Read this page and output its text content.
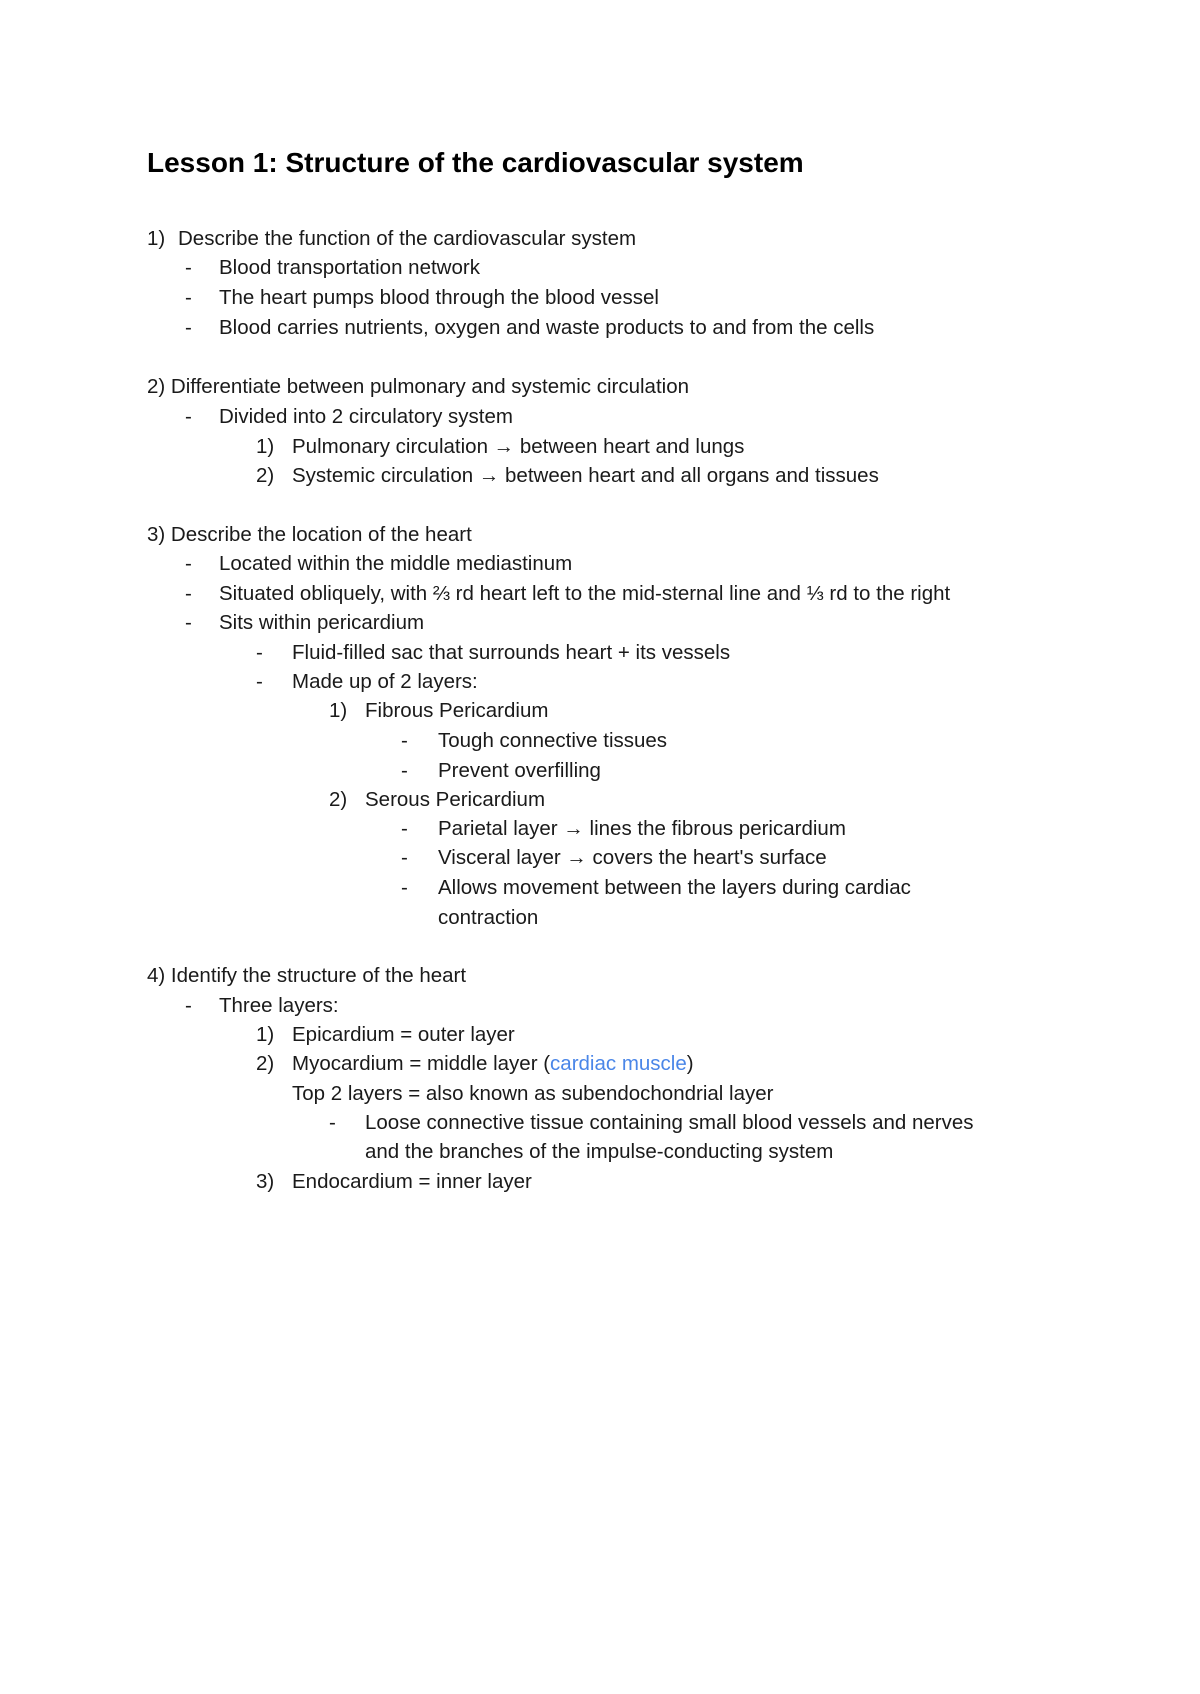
Lesson 1: Structure of the cardiovascular system
1) Describe the function of the cardiovascular system
- Blood transportation network
- The heart pumps blood through the blood vessel
- Blood carries nutrients, oxygen and waste products to and from the cells
2) Differentiate between pulmonary and systemic circulation
- Divided into 2 circulatory system
1) Pulmonary circulation → between heart and lungs
2) Systemic circulation → between heart and all organs and tissues
3) Describe the location of the heart
- Located within the middle mediastinum
- Situated obliquely, with ⅔ rd heart left to the mid-sternal line and ⅓ rd to the right
- Sits within pericardium
- Fluid-filled sac that surrounds heart + its vessels
- Made up of 2 layers:
1) Fibrous Pericardium
- Tough connective tissues
- Prevent overfilling
2) Serous Pericardium
- Parietal layer → lines the fibrous pericardium
- Visceral layer → covers the heart's surface
- Allows movement between the layers during cardiac
contraction
4) Identify the structure of the heart
- Three layers:
1) Epicardium = outer layer
2) Myocardium = middle layer (cardiac muscle)
Top 2 layers = also known as subendochondrial layer
- Loose connective tissue containing small blood vessels and nerves
and the branches of the impulse-conducting system
3) Endocardium = inner layer
